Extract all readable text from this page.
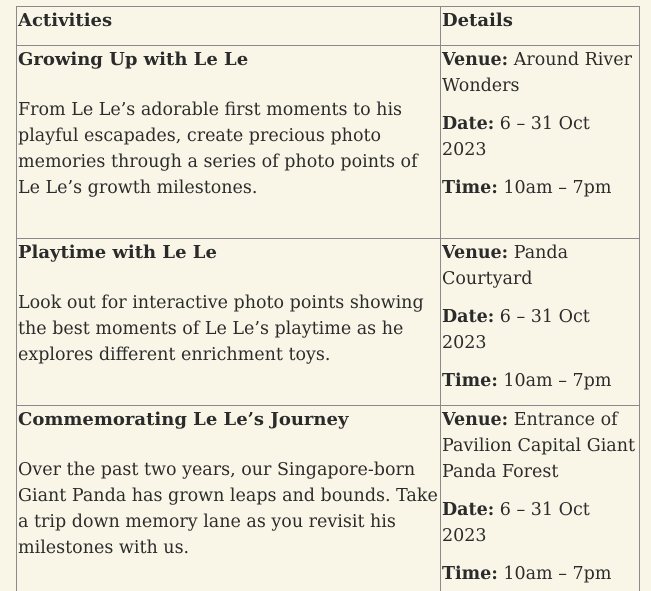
Activities	Details

Growing Up with Le Le
From Le Le’s adorable first moments to his playful escapades, create precious photo memories through a series of photo points of Le Le’s growth milestones.	Venue: Around River Wonders
Date: 6 – 31 Oct 2023
Time: 10am – 7pm

Playtime with Le Le
Look out for interactive photo points showing the best moments of Le Le’s playtime as he explores different enrichment toys.	Venue: Panda Courtyard
Date: 6 – 31 Oct 2023
Time: 10am – 7pm

Commemorating Le Le’s Journey
Over the past two years, our Singapore-born Giant Panda has grown leaps and bounds. Take a trip down memory lane as you revisit his milestones with us.	Venue: Entrance of Pavilion Capital Giant Panda Forest
Date: 6 – 31 Oct 2023
Time: 10am – 7pm
